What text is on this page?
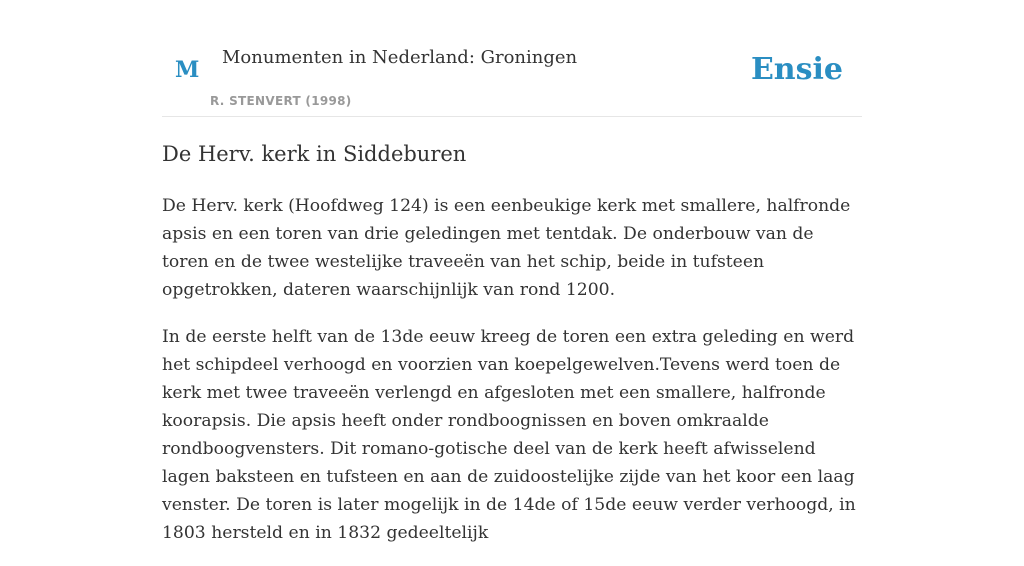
M Monumenten in Nederland: Groningen
R. STENVERT (1998)
Ensie
De Herv. kerk in Siddeburen

De Herv. kerk (Hoofdweg 124) is een eenbeukige kerk met smallere, halfronde apsis en een toren van drie geledingen met tentdak. De onderbouw van de toren en de twee westelijke traveeën van het schip, beide in tufsteen opgetrokken, dateren waarschijnlijk van rond 1200.

In de eerste helft van de 13de eeuw kreeg de toren een extra geleding en werd het schipdeel verhoogd en voorzien van koepelgewelven.Tevens werd toen de kerk met twee traveeën verlengd en afgesloten met een smallere, halfronde koorapsis. Die apsis heeft onder rondboognissen en boven omkraalde rondboogvensters. Dit romano-gotische deel van de kerk heeft afwisselend lagen baksteen en tufsteen en aan de zuidoostelijke zijde van het koor een laag venster. De toren is later mogelijk in de 14de of 15de eeuw verder verhoogd, in 1803 hersteld en in 1832 gedeeltelijk
